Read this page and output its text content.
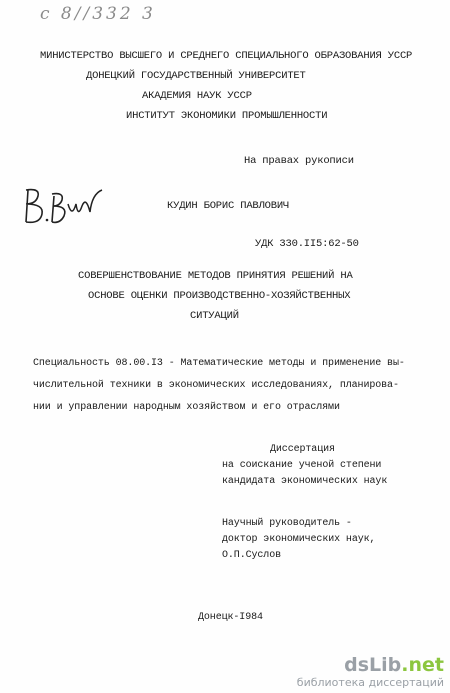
с 8//332 3
МИНИСТЕРСТВО ВЫСШЕГО И СРЕДНЕГО СПЕЦИАЛЬНОГО ОБРАЗОВАНИЯ УССР
ДОНЕЦКИЙ ГОСУДАРСТВЕННЫЙ УНИВЕРСИТЕТ
АКАДЕМИЯ НАУК УССР
ИНСТИТУТ ЭКОНОМИКИ ПРОМЫШЛЕННОСТИ
На правах рукописи
КУДИН БОРИС ПАВЛОВИЧ
УДК 330.II5:62-50
СОВЕРШЕНСТВОВАНИЕ МЕТОДОВ ПРИНЯТИЯ РЕШЕНИЙ НА
ОСНОВЕ ОЦЕНКИ ПРОИЗВОДСТВЕННО-ХОЗЯЙСТВЕННЫХ
СИТУАЦИЙ
Специальность 08.00.I3 - Математические методы и применение вы-
числительной техники в экономических исследованиях, планирова-
нии и управлении народным хозяйством и его отраслями
Диссертация
на соискание ученой степени
кандидата экономических наук
Научный руководитель -
доктор экономических наук,
О.П.Суслов
Донецк-I984
dsLib.net
библиотека диссертаций
